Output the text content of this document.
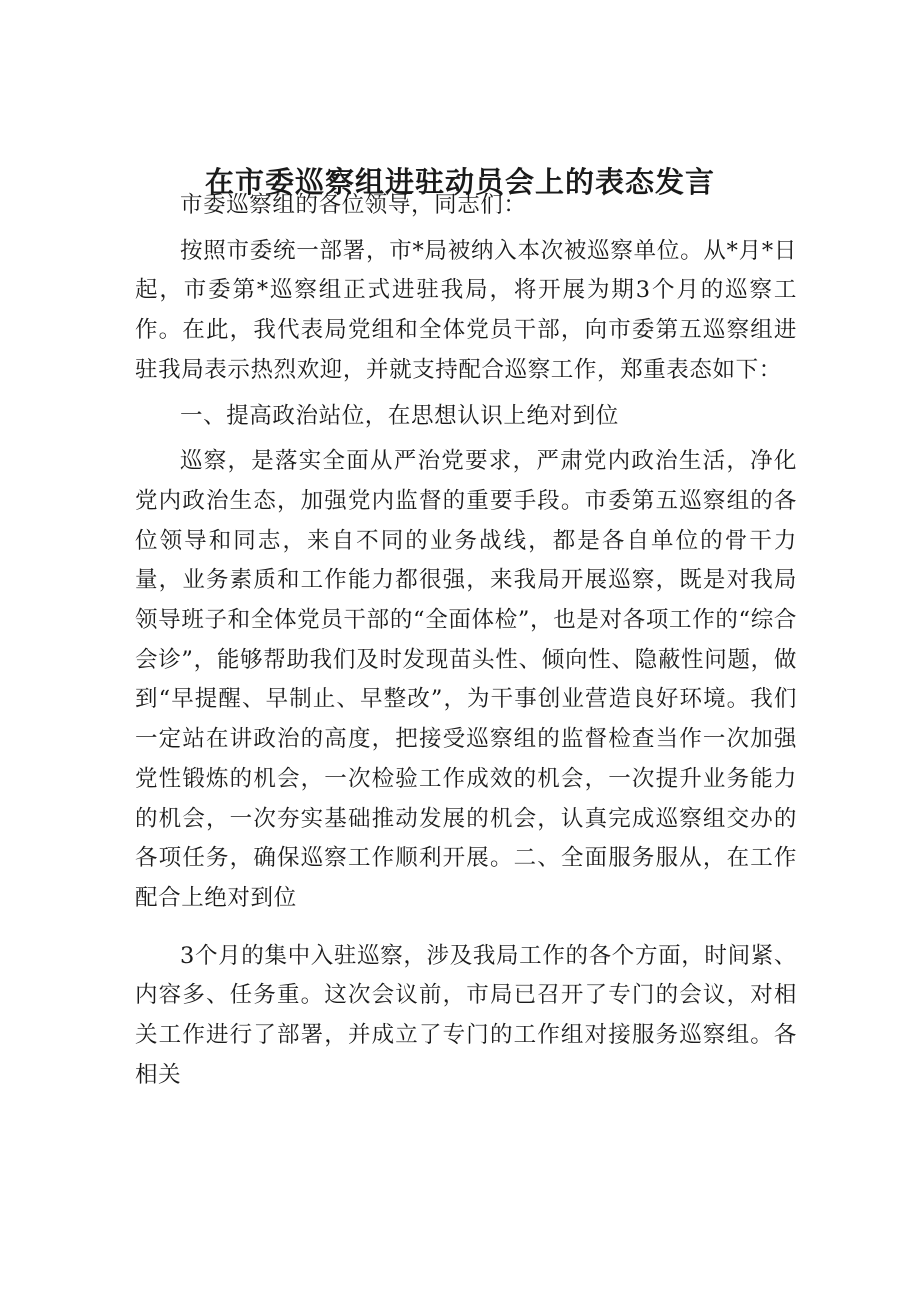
在市委巡察组进驻动员会上的表态发言

市委巡察组的各位领导，同志们：

按照市委统一部署，市*局被纳入本次被巡察单位。从*月*日起，市委第*巡察组正式进驻我局，将开展为期3个月的巡察工作。在此，我代表局党组和全体党员干部，向市委第五巡察组进驻我局表示热烈欢迎，并就支持配合巡察工作，郑重表态如下：

一、提高政治站位，在思想认识上绝对到位

巡察，是落实全面从严治党要求，严肃党内政治生活，净化党内政治生态，加强党内监督的重要手段。市委第五巡察组的各位领导和同志，来自不同的业务战线，都是各自单位的骨干力量，业务素质和工作能力都很强，来我局开展巡察，既是对我局领导班子和全体党员干部的“全面体检”，也是对各项工作的“综合会诊”，能够帮助我们及时发现苗头性、倾向性、隐蔽性问题，做到“早提醒、早制止、早整改”，为干事创业营造良好环境。我们一定站在讲政治的高度，把接受巡察组的监督检查当作一次加强党性锻炼的机会，一次检验工作成效的机会，一次提升业务能力的机会，一次夯实基础推动发展的机会，认真完成巡察组交办的各项任务，确保巡察工作顺利开展。二、全面服务服从，在工作配合上绝对到位

3个月的集中入驻巡察，涉及我局工作的各个方面，时间紧、内容多、任务重。这次会议前，市局已召开了专门的会议，对相关工作进行了部署，并成立了专门的工作组对接服务巡察组。各相关
